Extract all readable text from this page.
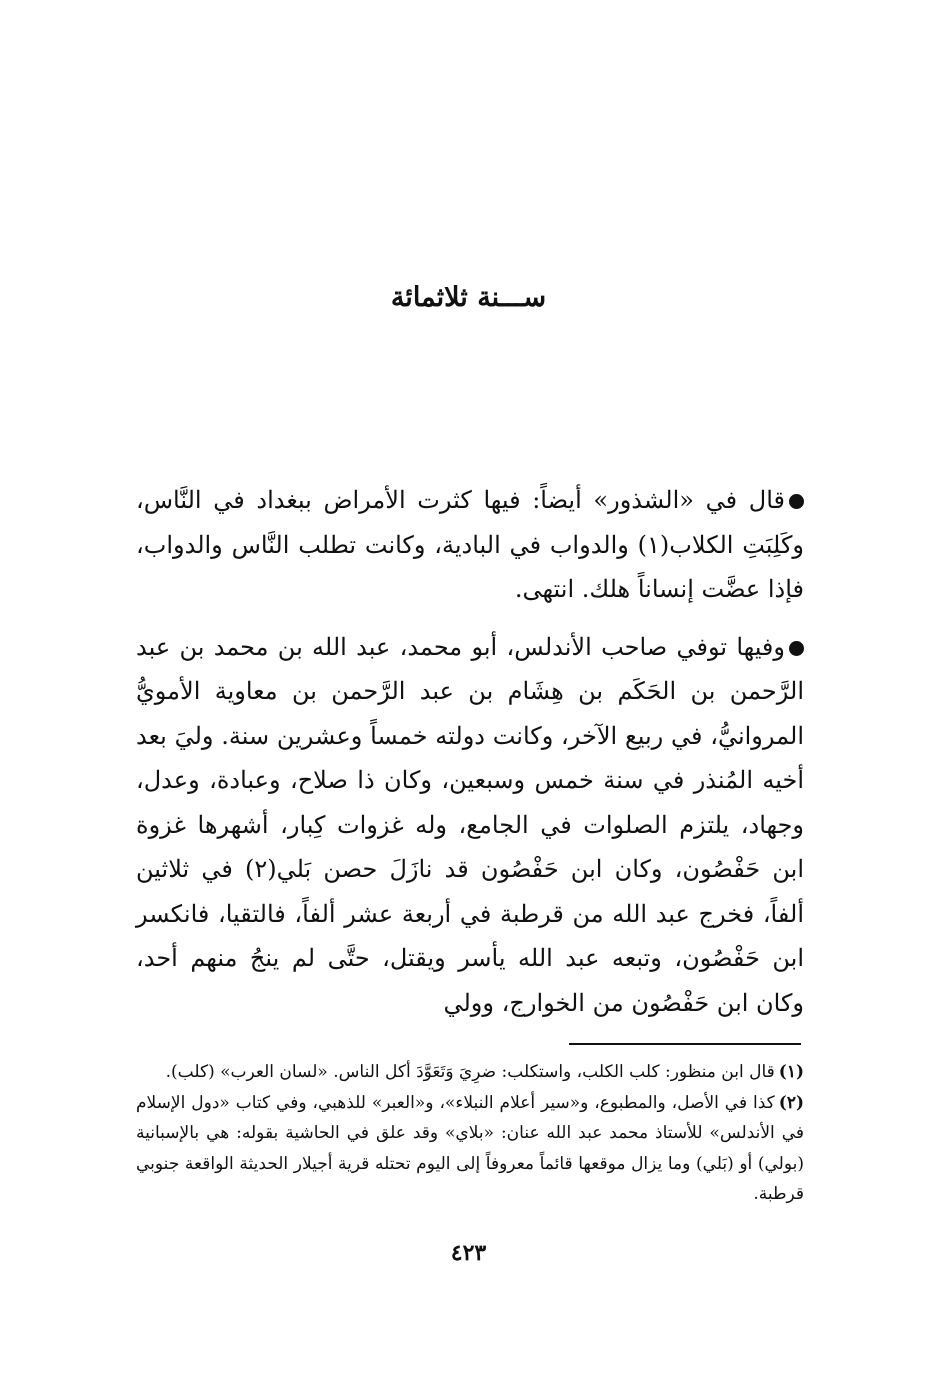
ســـنة ثلاثمائة

قال في «الشذور» أيضاً: فيها كثرت الأمراض ببغداد في النَّاس، وكَلِبَتِ الكلاب(١) والدواب في البادية، وكانت تطلب النَّاس والدواب، فإذا عضَّت إنساناً هلك. انتهى.

وفيها توفي صاحب الأندلس، أبو محمد، عبد الله بن محمد بن عبد الرَّحمن بن الحَكَم بن هِشَام بن عبد الرَّحمن بن معاوية الأمويُّ المروانيُّ، في ربيع الآخر، وكانت دولته خمساً وعشرين سنة. وليَ بعد أخيه المُنذر في سنة خمس وسبعين، وكان ذا صلاح، وعبادة، وعدل، وجهاد، يلتزم الصلوات في الجامع، وله غزوات كِبار، أشهرها غزوة ابن حَفْصُون، وكان ابن حَفْصُون قد نازَلَ حصن بَلي(٢) في ثلاثين ألفاً، فخرج عبد الله من قرطبة في أربعة عشر ألفاً، فالتقيا، فانكسر ابن حَفْصُون، وتبعه عبد الله يأسر ويقتل، حتَّى لم ينجُ منهم أحد، وكان ابن حَفْصُون من الخوارج، وولي

(١)قال ابن منظور: كلب الكلب، واستكلب: ضرِيَ وَتَعَوَّدَ أكل الناس. «لسان العرب» (كلب).

(٢)كذا في الأصل، والمطبوع، و«سير أعلام النبلاء»، و«العبر» للذهبي، وفي كتاب «دول الإسلام في الأندلس» للأستاذ محمد عبد الله عنان: «بلاي» وقد علق في الحاشية بقوله: هي بالإسبانية (بولي) أو (بَلي) وما يزال موقعها قائماً معروفاً إلى اليوم تحتله قرية أجيلار الحديثة الواقعة جنوبي قرطبة.

٤٢٣
